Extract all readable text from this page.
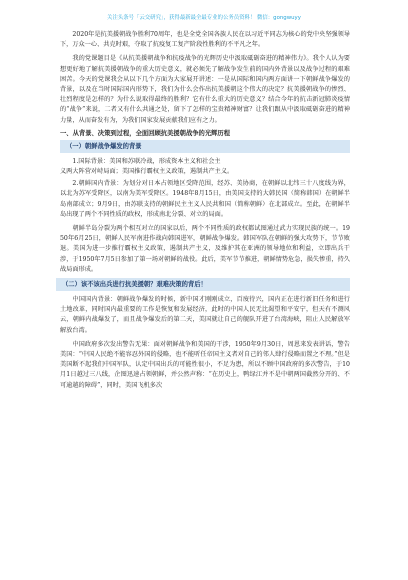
关注头条号「云交研究」，获得最新最全最专业的公务员资料！ 微信：gongwuyy

2020年是抗美援朝战争胜利70周年，也是全党全国各族人民在以习近平同志为核心的党中央坚强领导下，万众一心、共克时艰，夺取了抗疫复工复产阶段性胜利的不平凡之年。

我的党课题目是《从抗美援朝战争和抗疫战争的光辉历史中汲取砥砺奋进的精神伟力》。我个人认为要想更好地了解抗美援朝战争的重大历史意义，就必须先了解战争发生前的国内外背景以及战争过程的艰难困苦。今天的党课我会从以下几个方面为大家展开讲述：一是从国际和国内两方面讲一下朝鲜战争爆发的背景，以及在当时国际国内形势下，我们为什么会作出抗美援朝这个伟大的决定？抗美援朝战争的惨烈、壮烈程度是怎样的？为什么说取得最终的胜利？它有什么重大的历史意义？结合今年的抗击新冠肺炎疫情的“战争”来说，二者又有什么共通之处，留下了怎样的宝贵精神财富？让我们跟从中汲取砥砺奋进的精神力量，从而奋发有为，为我们国家发展贡献我们应有之力。

一、从背景、决策到过程，全面回顾抗美援朝战争的光辉历程
（一）朝鲜战争爆发的背景

1.国际背景：美国和苏联冷战，形成资本主义和社会主

义两大阵营对峙局面；美国推行霸权主义政策，遏制共产主义。

2.朝鲜国内背景：为划分对日本占领地区受降范围，经苏、美协商，在朝鲜以北纬三十八度线为界，以北为苏军受降区，以南为美军受降区。1948年8月15日，由美国支持的大韩民国（简称韩国）在朝鲜半岛南部成立；9月9日，由苏联支持的朝鲜民主主义人民共和国（简称朝鲜）在北部成立。至此，在朝鲜半岛出现了两个不同性质的政权，形成南北分裂、对立的局面。

朝鲜半岛分裂为两个相互对立的国家以后，两个不同性质的政权都试图通过武力实现民族的统一。1950年6月25日，朝鲜人民军南进作战向韩国进军，朝鲜战争爆发。韩国军队在朝鲜的强大攻势下，节节败退。美国为进一步推行霸权主义政策，遏制共产主义，及维护其在亚洲的领导地位和利益，立即出兵干涉，于1950年7月5日参加了第一场对朝鲜的战役。此后，美军节节推进，朝鲜情势危急，损失惨重，持久战局面形成。

（二）该不该出兵进行抗美援朝？艰难决策的背后！

中国国内背景：朝鲜战争爆发的时候，新中国才刚刚成立，百废待兴，国内正在进行新旧任务和进行土地改革，同时国内最重要的工作是恢复和发展经济，此时的中国人民无比渴望和平安宁，但天有不测风云，朝鲜内战爆发了，而且战争爆发后的第二天，美国就让自己的舰队开进了台湾海峡，阻止人民解放军解放台湾。

中国政府多次发出警告无果：面对朝鲜战争和美国的干涉，1950年9月30日，周恩来发表讲话，警告美国：“中国人民绝不能容忍外国的侵略，也不能听任帝国主义者对自己的邻人肆行侵略而置之不理。”但是美国断不起我们中国军队，认定中国出兵的可能性很小，不足为患，所以不顾中国政府的多次警告，于10月1日越过三八线，企图迅速占领朝鲜，并公然声称：“在历史上，鸭绿江并不是中朝两国截然分开的、不可逾越的障碍”，同时，美国飞机多次
